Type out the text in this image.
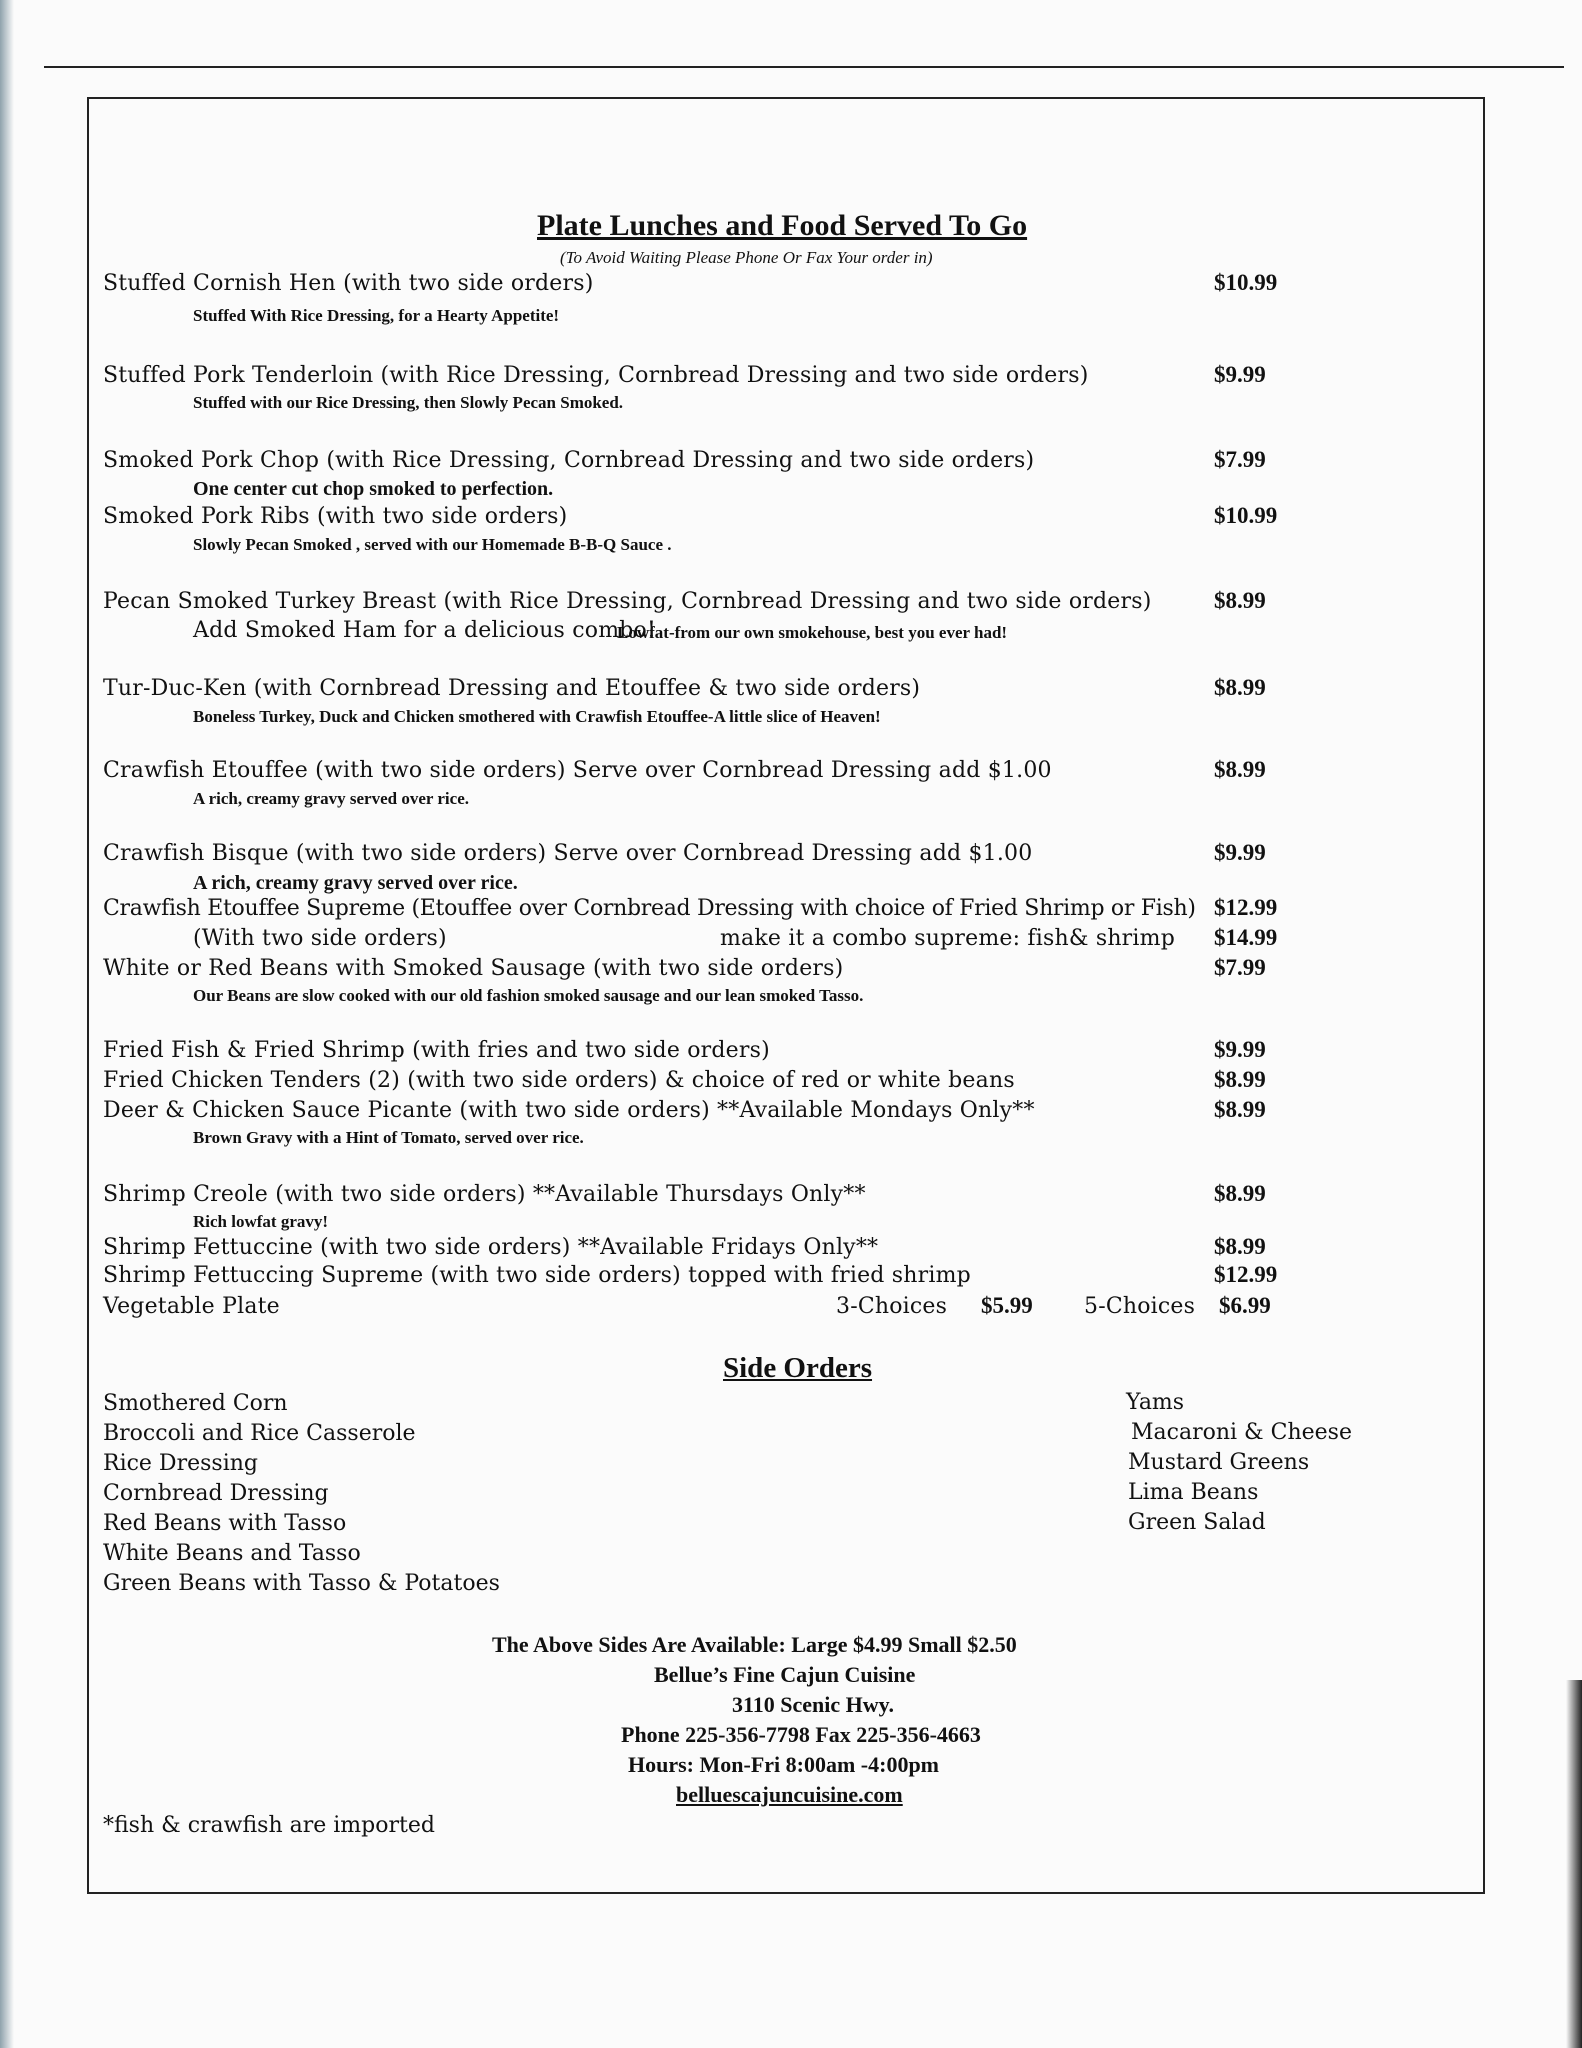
Plate Lunches and Food Served To Go
(To Avoid Waiting Please Phone Or Fax Your order in)
Stuffed Cornish Hen (with two side orders)	$10.99
Stuffed With Rice Dressing, for a Hearty Appetite!
Stuffed Pork Tenderloin (with Rice Dressing, Cornbread Dressing and two side orders)	$9.99
Stuffed with our Rice Dressing, then Slowly Pecan Smoked.
Smoked Pork Chop (with Rice Dressing, Cornbread Dressing and two side orders)	$7.99
One center cut chop smoked to perfection.
Smoked Pork Ribs (with two side orders)	$10.99
Slowly Pecan Smoked , served with our Homemade B-B-Q Sauce .
Pecan Smoked Turkey Breast (with Rice Dressing, Cornbread Dressing and two side orders)	$8.99
Add Smoked Ham for a delicious combo!
Lowfat-from our own smokehouse, best you ever had!
Tur-Duc-Ken (with Cornbread Dressing and Etouffee & two side orders)	$8.99
Boneless Turkey, Duck and Chicken smothered with Crawfish Etouffee-A little slice of Heaven!
Crawfish Etouffee (with two side orders) Serve over Cornbread Dressing add $1.00	$8.99
A rich, creamy gravy served over rice.
Crawfish Bisque (with two side orders) Serve over Cornbread Dressing add $1.00	$9.99
A rich, creamy gravy served over rice.
Crawfish Etouffee Supreme (Etouffee over Cornbread Dressing with choice of Fried Shrimp or Fish) $12.99
(With two side orders)	make it a combo supreme: fish& shrimp $14.99
White or Red Beans with Smoked Sausage (with two side orders)	$7.99
Our Beans are slow cooked with our old fashion smoked sausage and our lean smoked Tasso.
Fried Fish & Fried Shrimp (with fries and two side orders)	$9.99
Fried Chicken Tenders (2) (with two side orders) & choice of red or white beans	$8.99
Deer & Chicken Sauce Picante (with two side orders) **Available Mondays Only**	$8.99
Brown Gravy with a Hint of Tomato, served over rice.
Shrimp Creole (with two side orders) **Available Thursdays Only**	$8.99
Rich lowfat gravy!
Shrimp Fettuccine (with two side orders) **Available Fridays Only**	$8.99
Shrimp Fettuccing Supreme (with two side orders) topped with fried shrimp	$12.99
Vegetable Plate	3-Choices $5.99 5-Choices $6.99
Side Orders
Smothered Corn
Broccoli and Rice Casserole
Rice Dressing
Cornbread Dressing
Red Beans with Tasso
White Beans and Tasso
Green Beans with Tasso & Potatoes
Yams
Macaroni & Cheese
Mustard Greens
Lima Beans
Green Salad
The Above Sides Are Available: Large $4.99 Small $2.50
Bellue’s Fine Cajun Cuisine
3110 Scenic Hwy.
Phone 225-356-7798 Fax 225-356-4663
Hours: Mon-Fri 8:00am -4:00pm
belluescajuncuisine.com
*fish & crawfish are imported
